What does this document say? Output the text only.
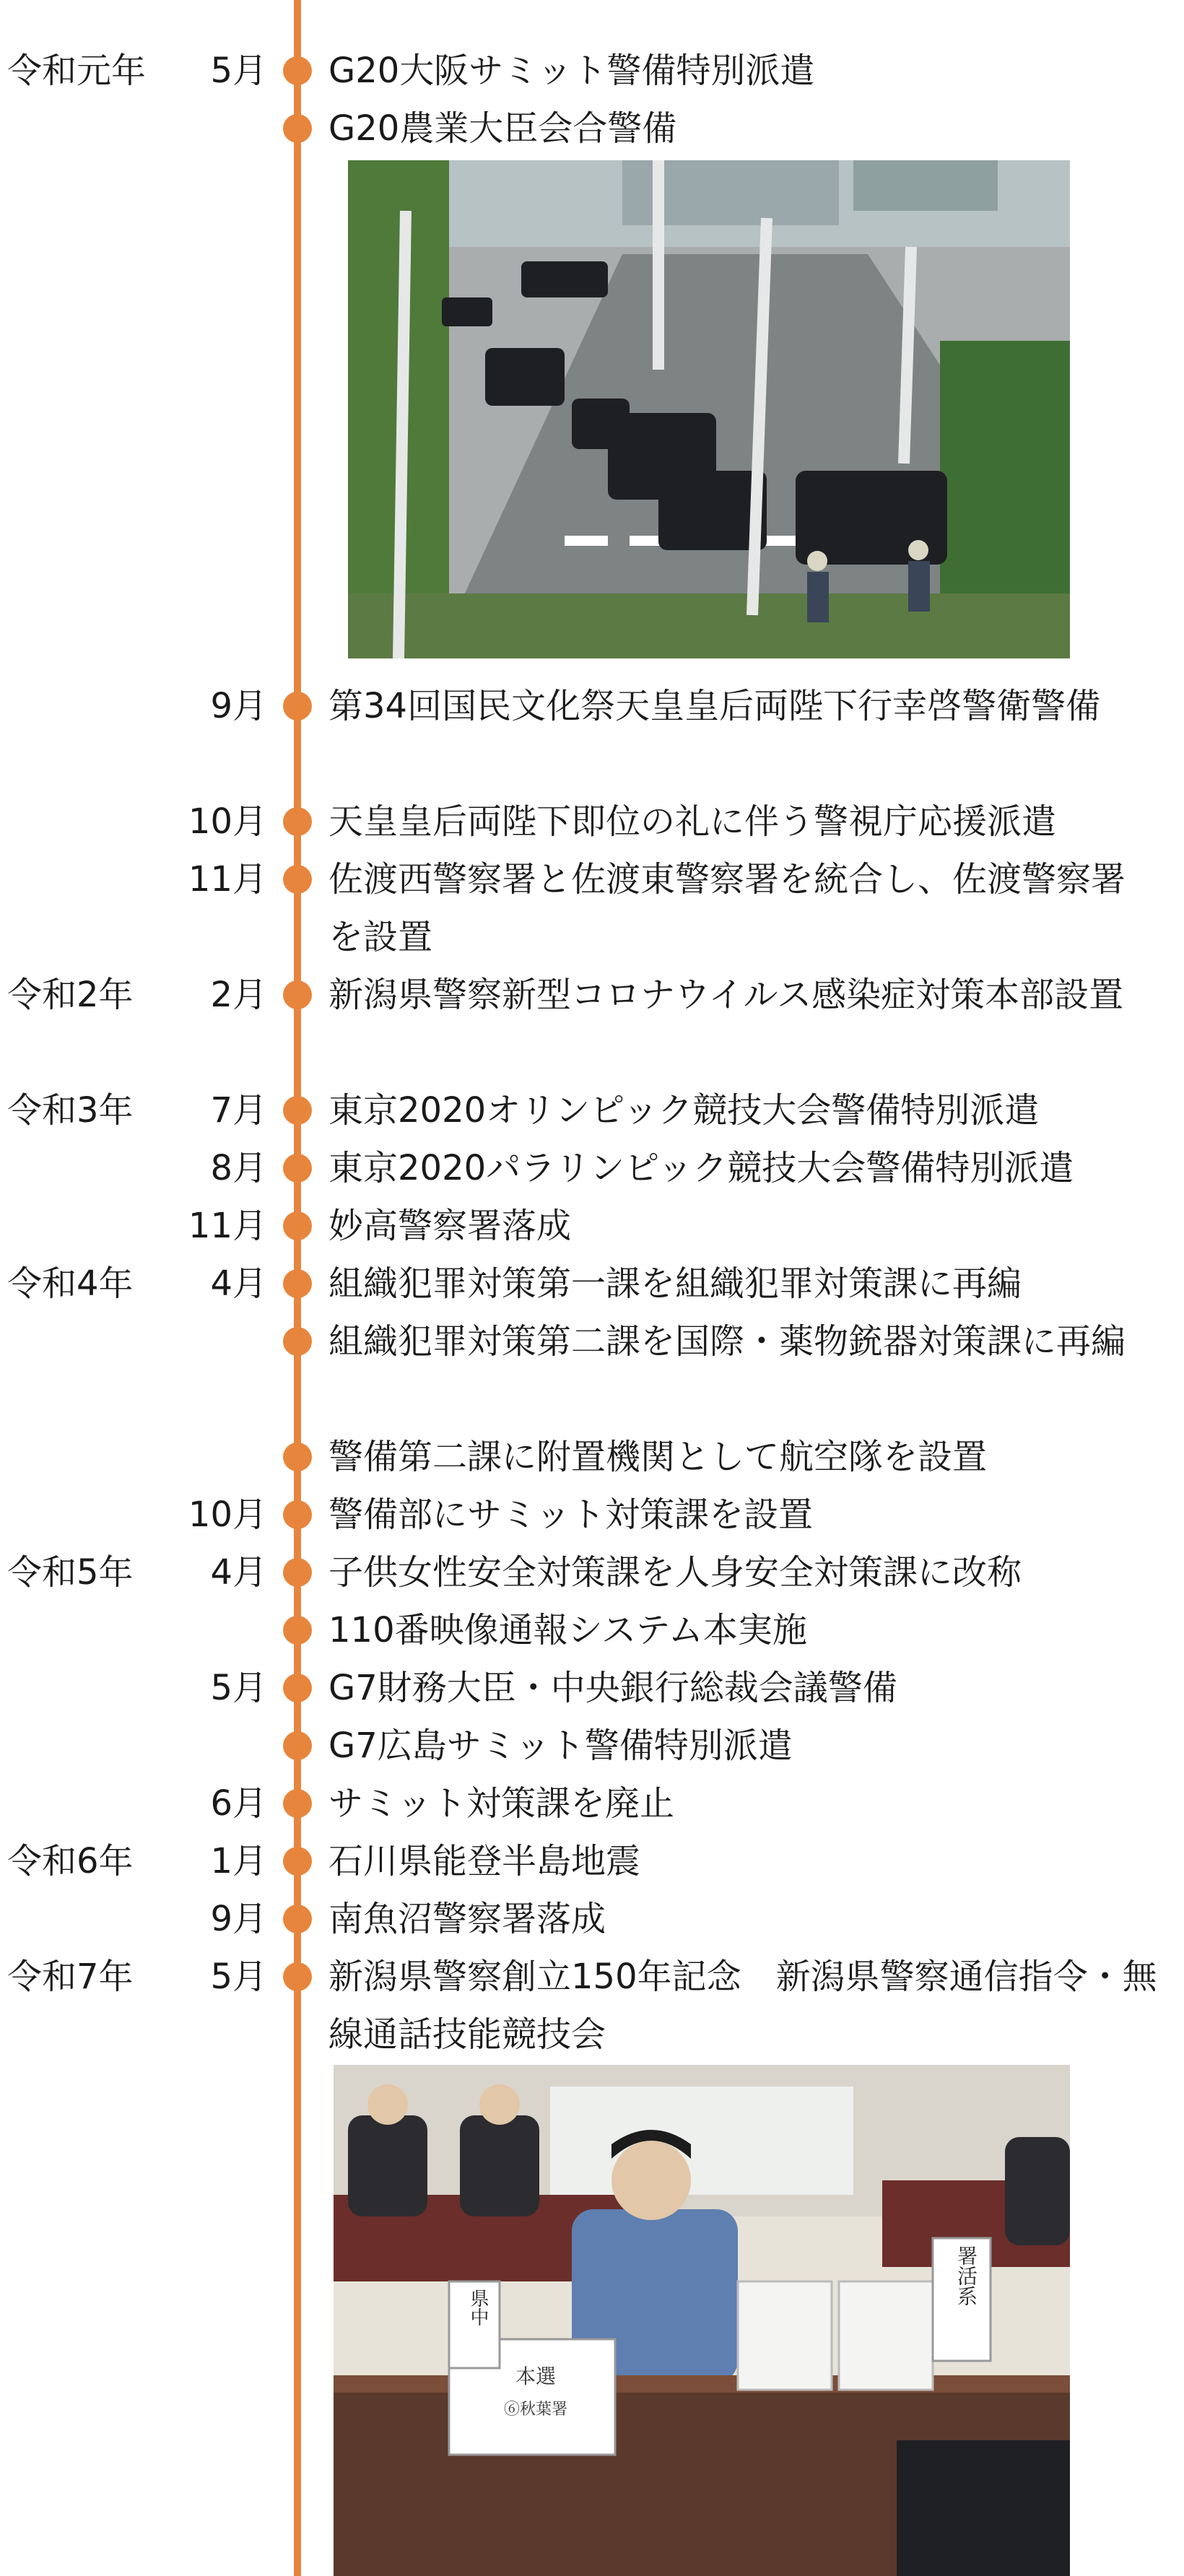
本選
⑥秋葉署
県中
署活系
令和元年	5月 G20大阪サミット警備特別派遣
G20農業大臣会合警備
9月 第34回国民文化祭天皇皇后両陛下行幸啓警衛警備
10月 天皇皇后両陛下即位の礼に伴う警視庁応援派遣
11月 佐渡西警察署と佐渡東警察署を統合し、佐渡警察署を設置
令和2年	2月 新潟県警察新型コロナウイルス感染症対策本部設置
令和3年	7月 東京2020オリンピック競技大会警備特別派遣
8月 東京2020パラリンピック競技大会警備特別派遣
11月 妙高警察署落成
令和4年	4月 組織犯罪対策第一課を組織犯罪対策課に再編
組織犯罪対策第二課を国際・薬物銃器対策課に再編
警備第二課に附置機関として航空隊を設置
10月 警備部にサミット対策課を設置
令和5年	4月 子供女性安全対策課を人身安全対策課に改称
110番映像通報システム本実施
5月 G7財務大臣・中央銀行総裁会議警備
G7広島サミット警備特別派遣
6月 サミット対策課を廃止
令和6年	1月 石川県能登半島地震
9月 南魚沼警察署落成
令和7年	5月 新潟県警察創立150年記念　新潟県警察通信指令・無線通話技能競技会
